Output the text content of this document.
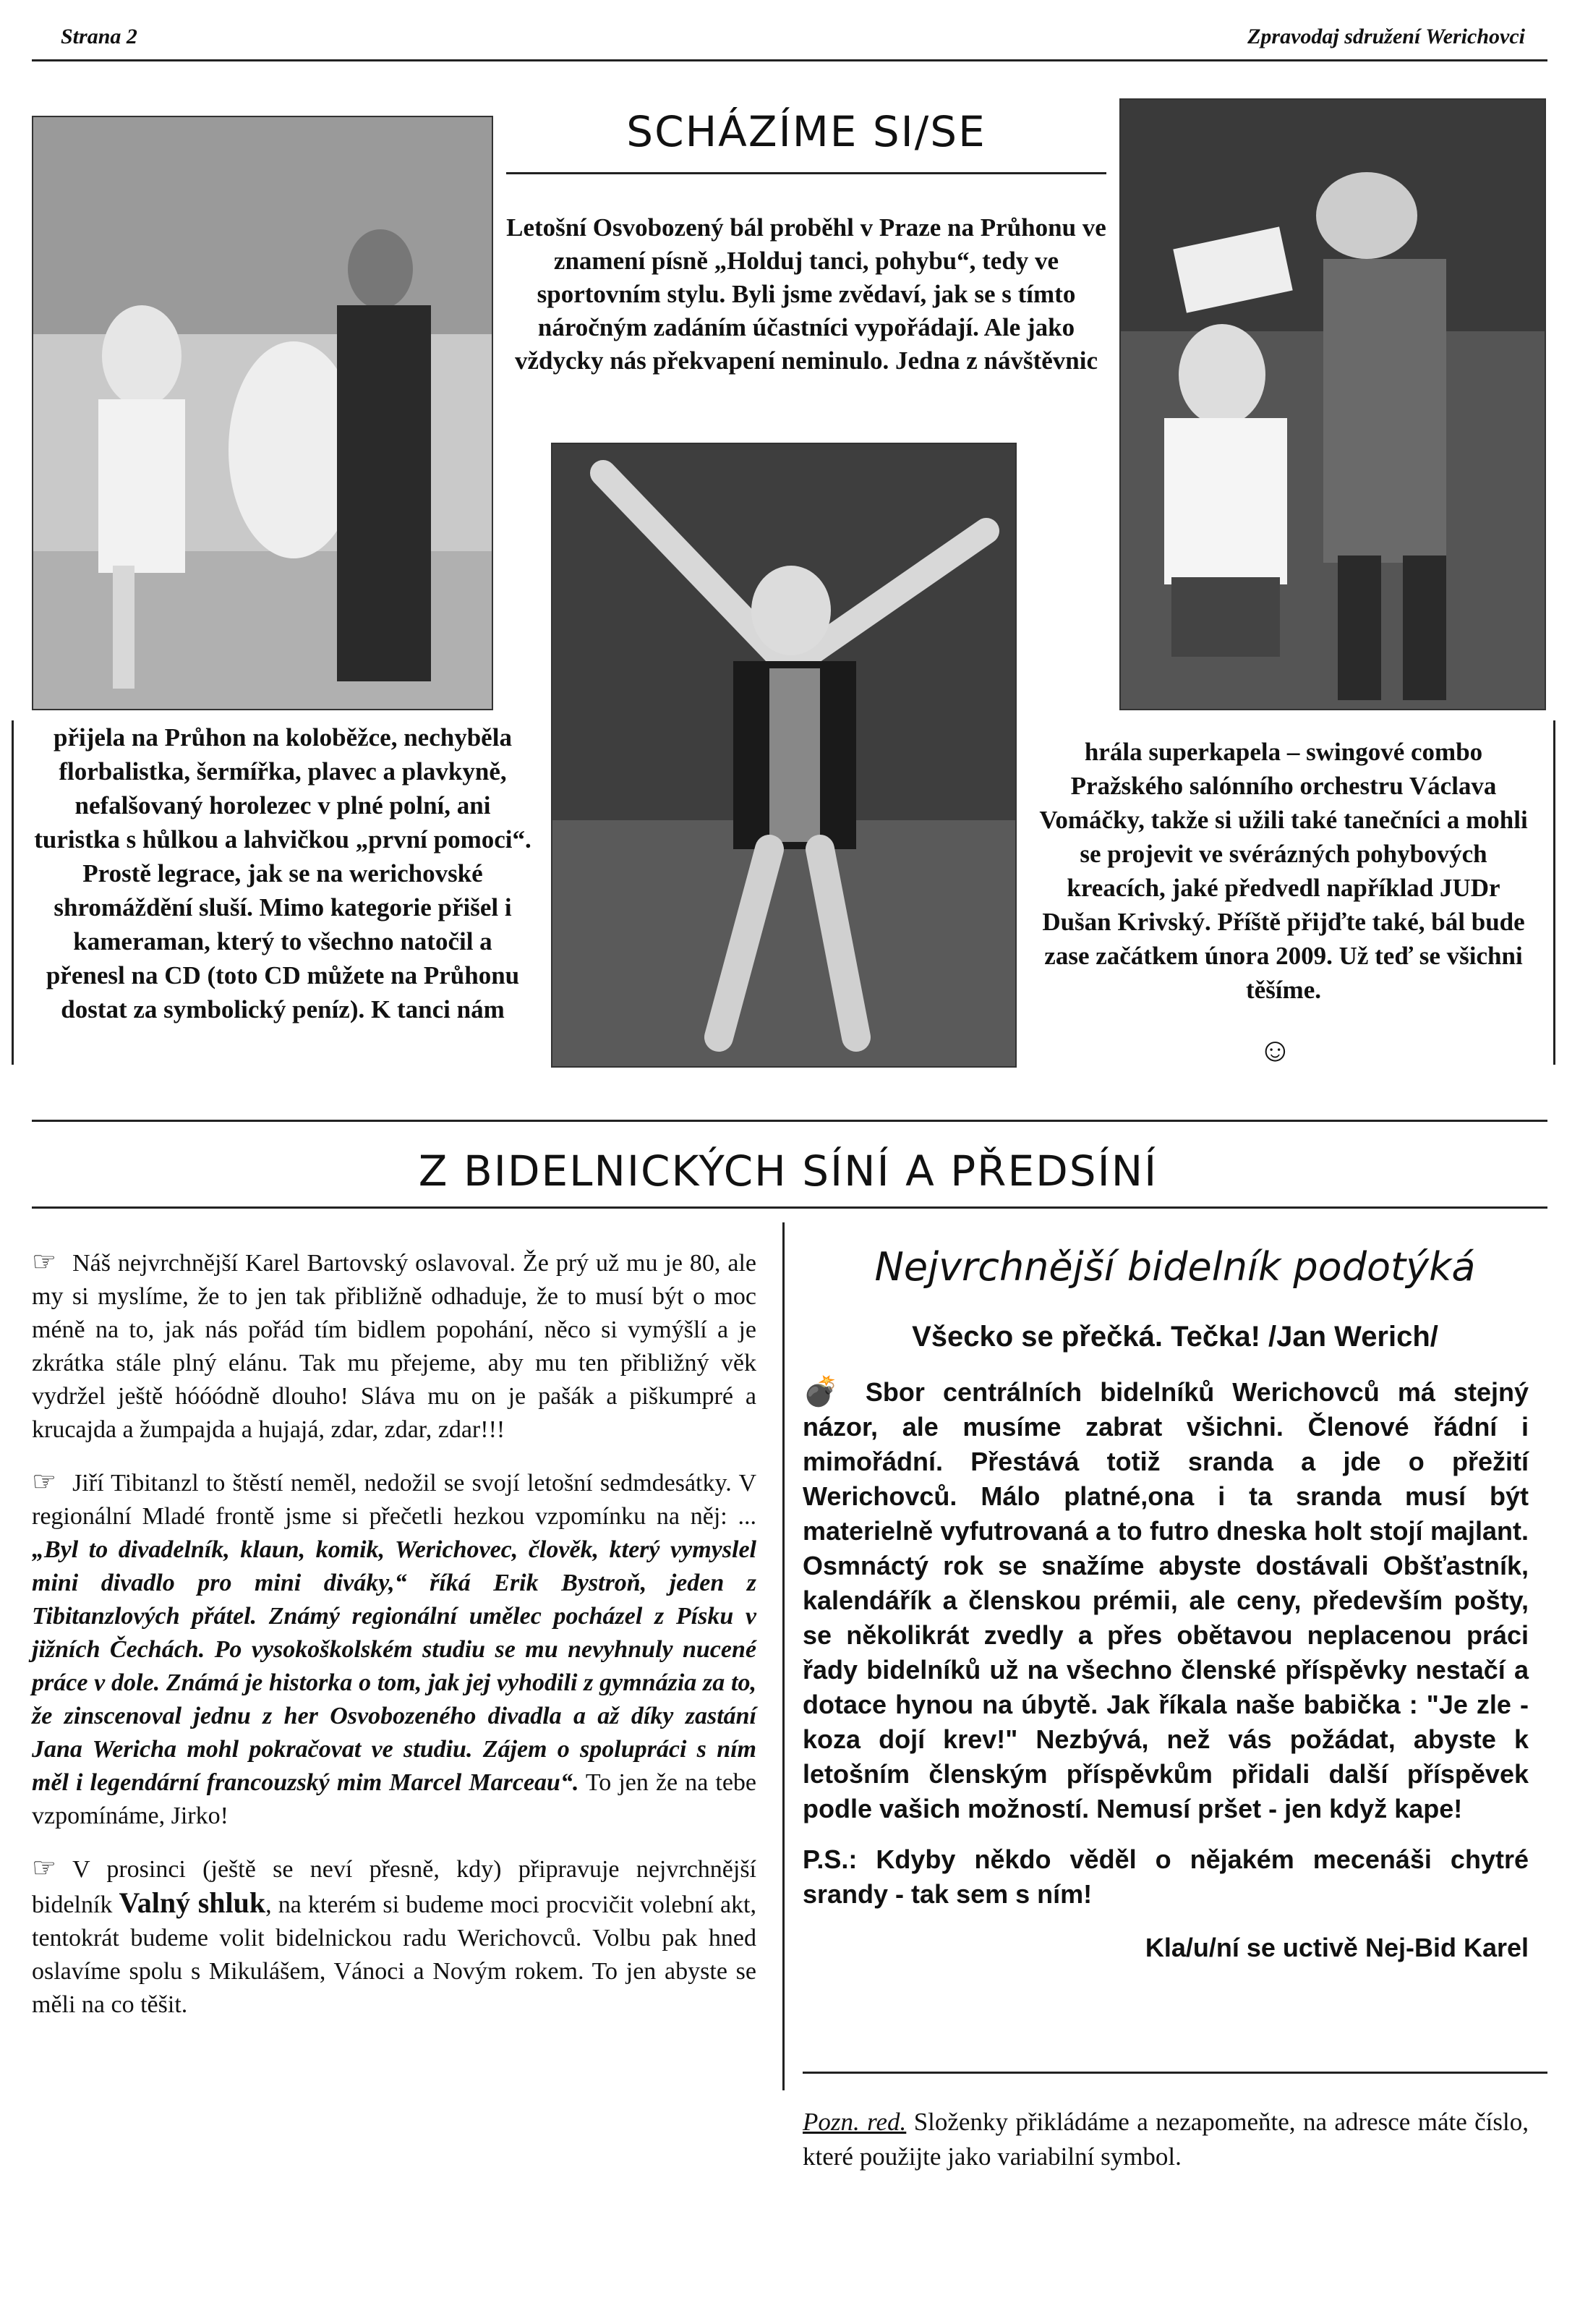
Strana 2	Zpravodaj sdružení Werichovci
SCHÁZÍME SI/SE
Letošní Osvobozený bál proběhl v Praze na Průhonu ve znamení písně „Holduj tanci, pohybu“, tedy ve sportovním stylu. Byli jsme zvědaví, jak se s tímto náročným zadáním účastníci vypořádají. Ale jako vždycky nás překvapení neminulo. Jedna z návštěvnic
přijela na Průhon na koloběžce, nechyběla florbalistka, šermířka, plavec a plavkyně, nefalšovaný horolezec v plné polní, ani turistka s hůlkou a lahvičkou „první pomoci“. Prostě legrace, jak se na werichovské shromáždění sluší. Mimo kategorie přišel i kameraman, který to všechno natočil a přenesl na CD (toto CD můžete na Průhonu dostat za symbolický peníz). K tanci nám
hrála superkapela – swingové combo Pražského salónního orchestru Václava Vomáčky, takže si užili také tanečníci a mohli se projevit ve svérázných pohybových kreacích, jaké předvedl například JUDr Dušan Krivský. Příště přijďte také, bál bude zase začátkem února 2009. Už teď se všichni těšíme.
☺
Z BIDELNICKÝCH SÍNÍ A PŘEDSÍNÍ

☞ Náš nejvrchnější Karel Bartovský oslavoval. Že prý už mu je 80, ale my si myslíme, že to jen tak přibližně odhaduje, že to musí být o moc méně na to, jak nás pořád tím bidlem popohání, něco si vymýšlí a je zkrátka stále plný elánu. Tak mu přejeme, aby mu ten přibližný věk vydržel ještě hóóódně dlouho! Sláva mu on je pašák a piškumpré a krucajda a žumpajda a hujajá, zdar, zdar, zdar!!!

☞ Jiří Tibitanzl to štěstí neměl, nedožil se svojí letošní sedmdesátky. V regionální Mladé frontě jsme si přečetli hezkou vzpomínku na něj: ...„Byl to divadelník, klaun, komik, Werichovec, člověk, který vymyslel mini divadlo pro mini diváky,“ říká Erik Bystroň, jeden z Tibitanzlových přátel. Známý regionální umělec pocházel z Písku v jižních Čechách. Po vysokoškolském studiu se mu nevyhnuly nucené práce v dole. Známá je historka o tom, jak jej vyhodili z gymnázia za to, že zinscenoval jednu z her Osvobozeného divadla a až díky zastání Jana Wericha mohl pokračovat ve studiu. Zájem o spolupráci s ním měl i legendární francouzský mim Marcel Marceau“. To jen že na tebe vzpomínáme, Jirko!

☞ V prosinci (ještě se neví přesně, kdy) připravuje nejvrchnější bidelník Valný shluk, na kterém si budeme moci procvičit volební akt, tentokrát budeme volit bidelnickou radu Werichovců. Volbu pak hned oslavíme spolu s Mikulášem, Vánoci a Novým rokem. To jen abyste se měli na co těšit.

Nejvrchnější bidelník podotýká
Všecko se přečká. Tečka! /Jan Werich/
💣 Sbor centrálních bidelníků Werichovců má stejný názor, ale musíme zabrat všichni. Členové řádní i mimořádní. Přestává totiž sranda a jde o přežití Werichovců. Málo platné,ona i ta sranda musí být materielně vyfutrovaná a to futro dneska holt stojí majlant. Osmnáctý rok se snažíme abyste dostávali Obšťastník, kalendářík a členskou prémii, ale ceny, především pošty, se několikrát zvedly a přes obětavou neplacenou práci řady bidelníků už na všechno členské příspěvky nestačí a dotace hynou na úbytě. Jak říkala naše babička : "Je zle - koza dojí krev!" Nezbývá, než vás požádat, abyste k letošním členským příspěvkům přidali další příspěvek podle vašich možností. Nemusí pršet - jen když kape!
P.S.: Kdyby někdo věděl o nějakém mecenáši chytré srandy - tak sem s ním!
Kla/u/ní se uctivě Nej-Bid Karel
Pozn. red. Složenky přikládáme a nezapomeňte, na adresce máte číslo, které použijte jako variabilní symbol.
